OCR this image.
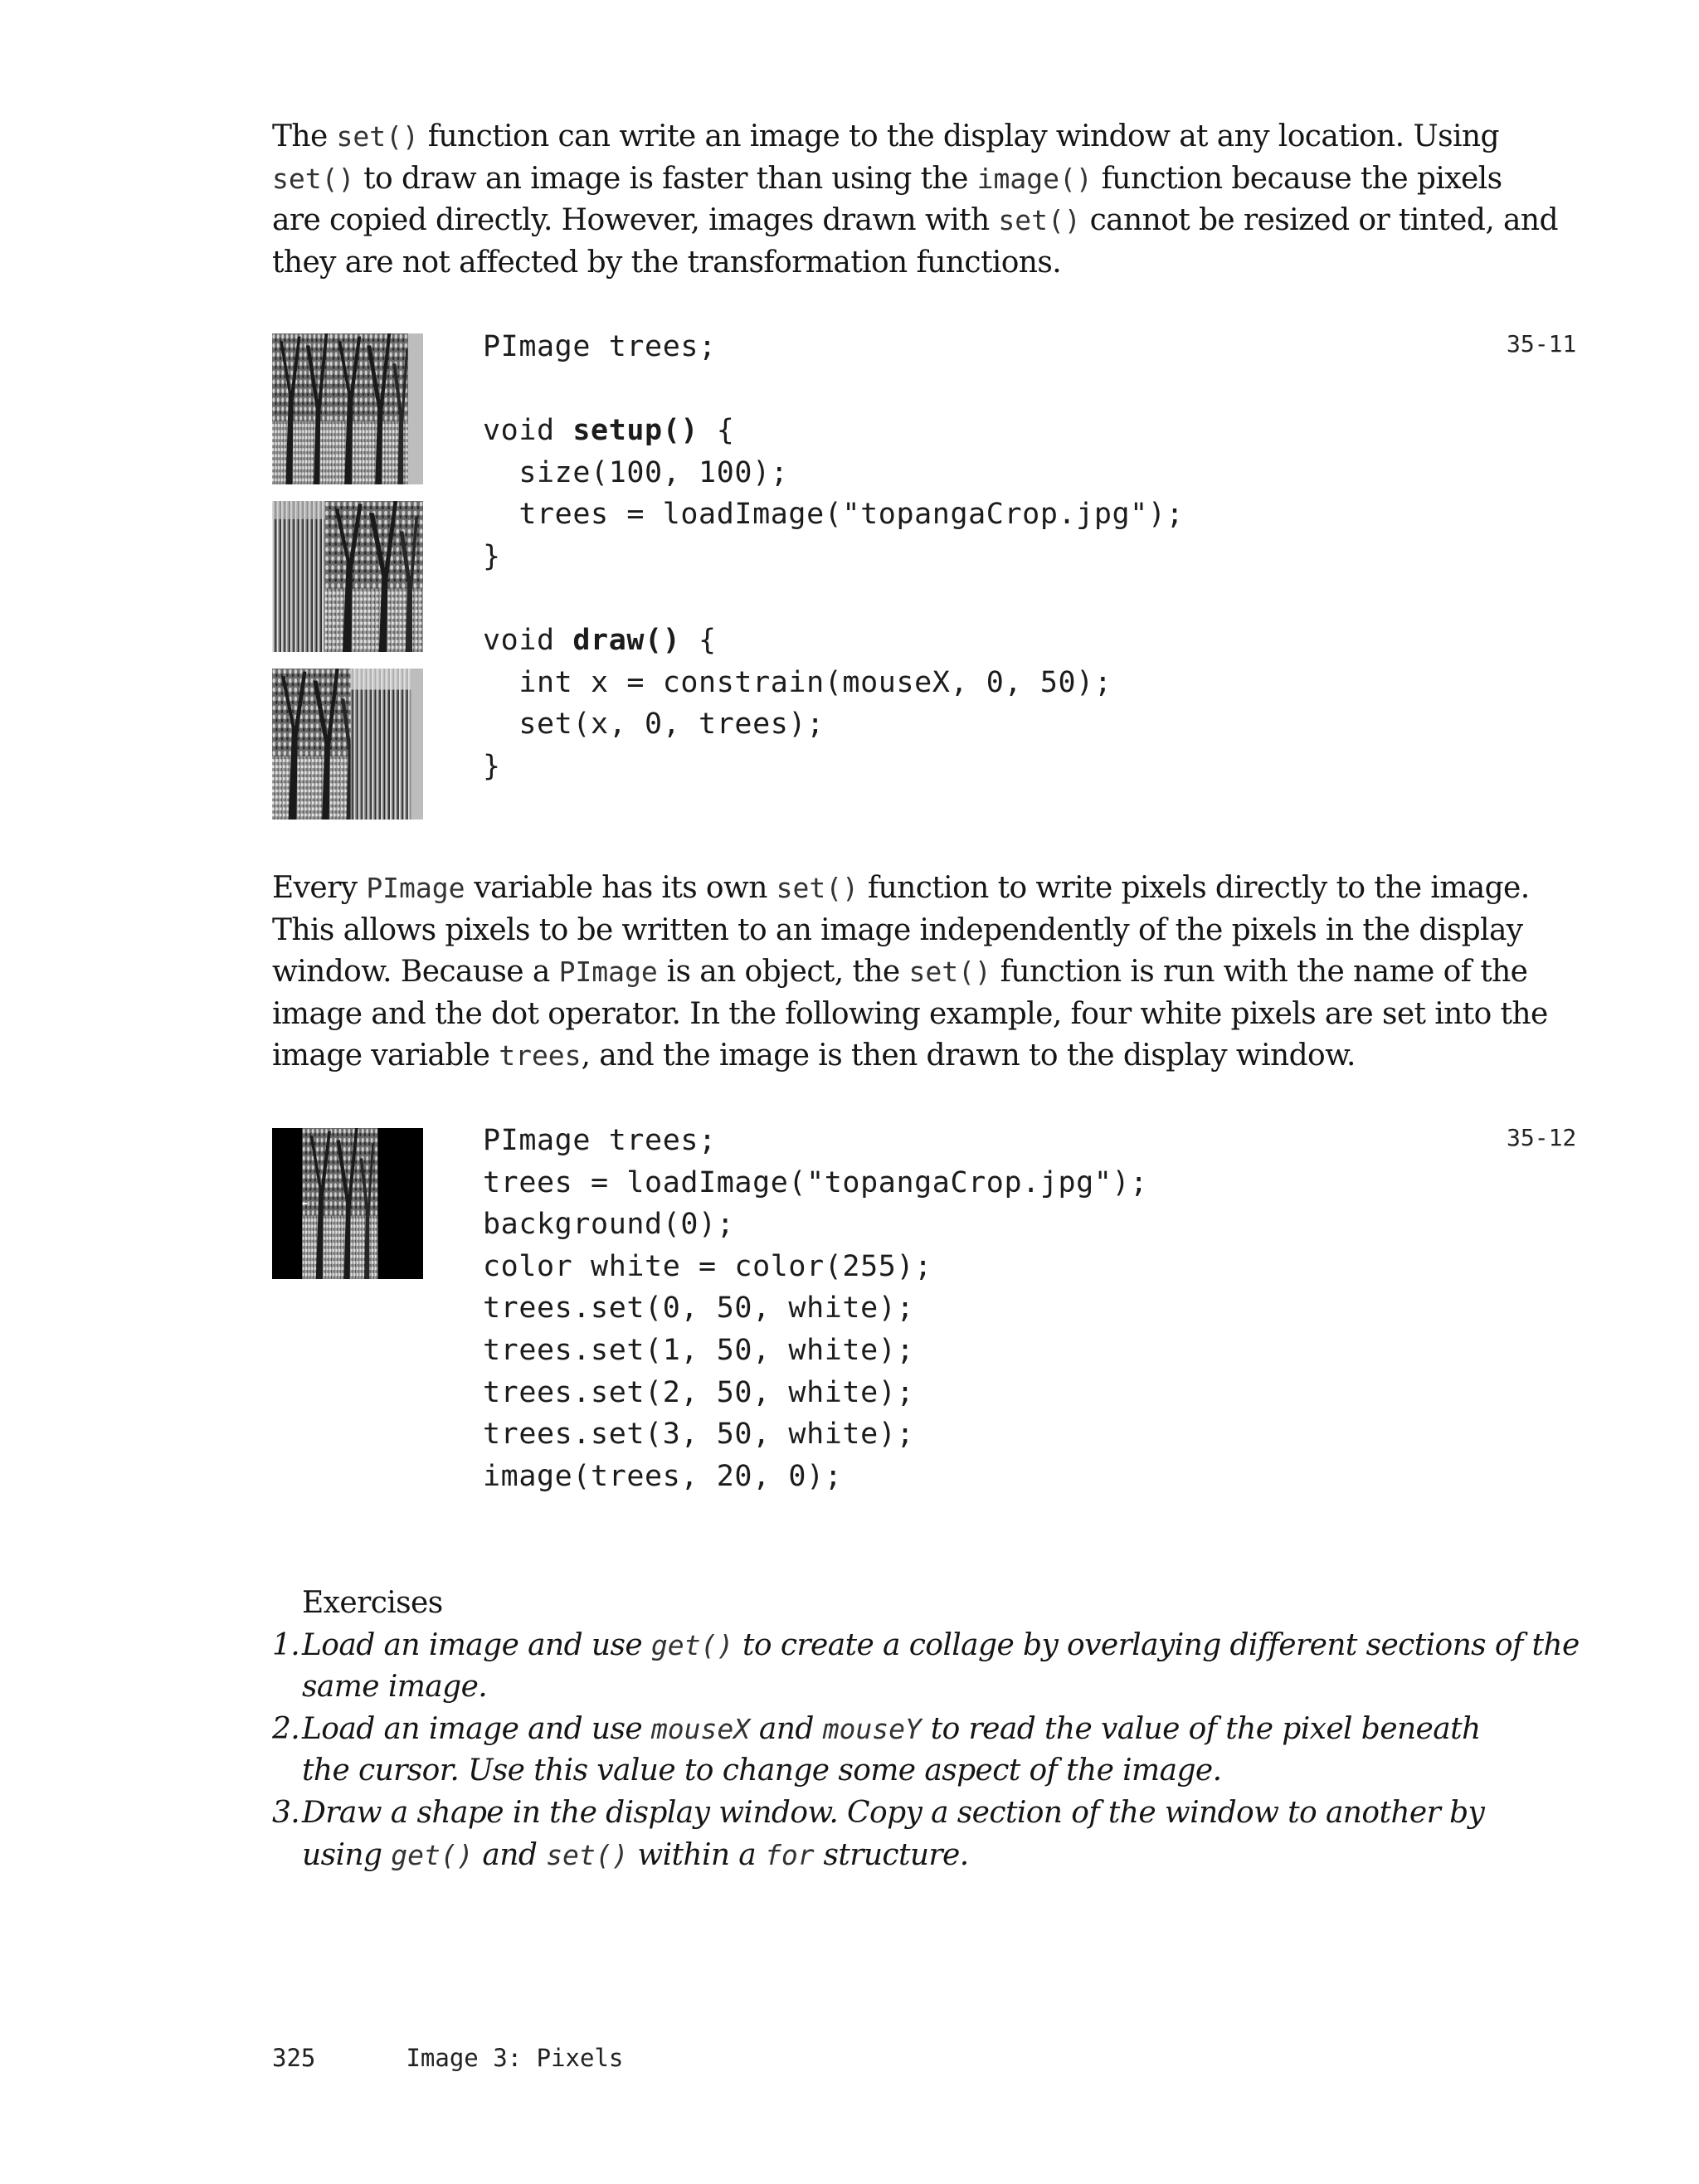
The set() function can write an image to the display window at any location. Using
set() to draw an image is faster than using the image() function because the pixels
are copied directly. However, images drawn with set() cannot be resized or tinted, and
they are not affected by the transformation functions.
PImage trees;

void setup() {
size(100, 100);
trees = loadImage("topangaCrop.jpg");
}

void draw() {
int x = constrain(mouseX, 0, 50);
set(x, 0, trees);
}
35-11
Every PImage variable has its own set() function to write pixels directly to the image.
This allows pixels to be written to an image independently of the pixels in the display
window. Because a PImage is an object, the set() function is run with the name of the
image and the dot operator. In the following example, four white pixels are set into the
image variable trees, and the image is then drawn to the display window.
PImage trees;
trees = loadImage("topangaCrop.jpg");
background(0);
color white = color(255);
trees.set(0, 50, white);
trees.set(1, 50, white);
trees.set(2, 50, white);
trees.set(3, 50, white);
image(trees, 20, 0);
35-12
Exercises
1. Load an image and use get() to create a collage by overlaying different sections of the
same image.
2. Load an image and use mouseX and mouseY to read the value of the pixel beneath
the cursor. Use this value to change some aspect of the image.
3. Draw a shape in the display window. Copy a section of the window to another by
using get() and set() within a for structure.
325	Image 3: Pixels
